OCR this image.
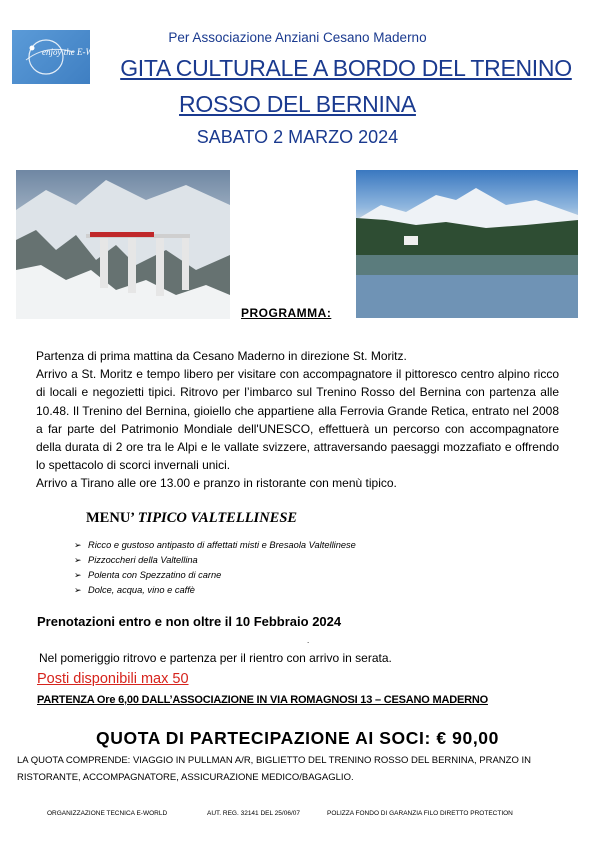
enjoy the E-World
Per Associazione Anziani Cesano Maderno
GITA CULTURALE A BORDO DEL TRENINO
ROSSO DEL BERNINA
SABATO 2 MARZO 2024
PROGRAMMA:

Partenza di prima mattina da Cesano Maderno in direzione St. Moritz.

Arrivo a St. Moritz e tempo libero per visitare con accompagnatore il pittoresco centro alpino ricco di locali e negozietti tipici. Ritrovo per l’imbarco sul Trenino Rosso del Bernina con partenza alle 10.48. Il Trenino del Bernina, gioiello che appartiene alla Ferrovia Grande Retica, entrato nel 2008 a far parte del Patrimonio Mondiale dell'UNESCO, effettuerà un percorso con accompagnatore della durata di 2 ore tra le Alpi e le vallate svizzere, attraversando paesaggi mozzafiato e offrendo lo spettacolo di scorci invernali unici.

Arrivo a Tirano alle ore 13.00 e pranzo in ristorante con menù tipico.

MENU’ TIPICO VALTELLINESE
➢ Ricco e gustoso antipasto di affettati misti e Bresaola Valtellinese
➢ Pizzoccheri della Valtellina
➢ Polenta con Spezzatino di carne
➢ Dolce, acqua, vino e caffè
Prenotazioni entro e non oltre il 10 Febbraio 2024
.
Nel pomeriggio ritrovo e partenza per il rientro con arrivo in serata.
Posti disponibili max 50
PARTENZA Ore 6,00 DALL’ASSOCIAZIONE IN VIA ROMAGNOSI 13 – CESANO MADERNO
QUOTA DI PARTECIPAZIONE AI SOCI: € 90,00
LA QUOTA COMPRENDE: VIAGGIO IN PULLMAN A/R, BIGLIETTO DEL TRENINO ROSSO DEL BERNINA, PRANZO IN RISTORANTE, ACCOMPAGNATORE, ASSICURAZIONE MEDICO/BAGAGLIO.
ORGANIZZAZIONE TECNICA E-WORLD	AUT. REG. 32141 DEL 25/06/07	POLIZZA FONDO DI GARANZIA FILO DIRETTO PROTECTION
